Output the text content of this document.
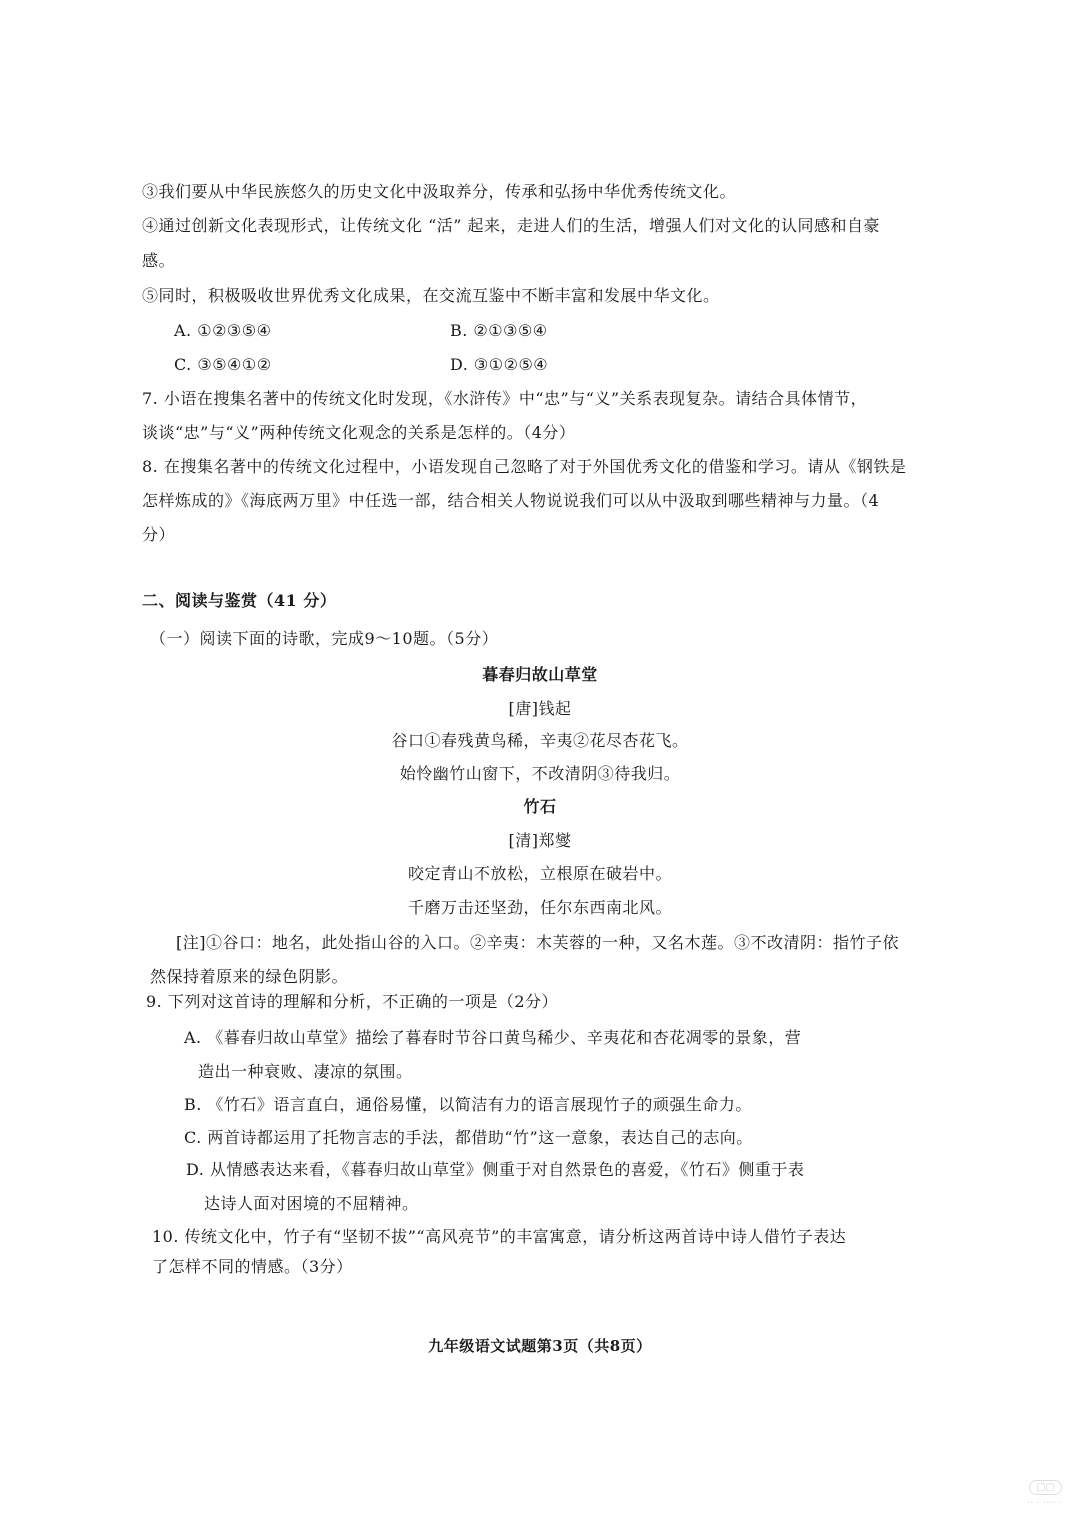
③我们要从中华民族悠久的历史文化中汲取养分，传承和弘扬中华优秀传统文化。
④通过创新文化表现形式，让传统文化 “活” 起来，走进人们的生活，增强人们对文化的认同感和自豪
感。
⑤同时，积极吸收世界优秀文化成果，在交流互鉴中不断丰富和发展中华文化。
A. ①②③⑤④	B. ②①③⑤④
C. ③⑤④①②	D. ③①②⑤④
7. 小语在搜集名著中的传统文化时发现，《水浒传》中“忠”与“义”关系表现复杂。请结合具体情节，
谈谈“忠”与“义”两种传统文化观念的关系是怎样的。（4分）
8. 在搜集名著中的传统文化过程中，小语发现自己忽略了对于外国优秀文化的借鉴和学习。请从《钢铁是
怎样炼成的》《海底两万里》中任选一部，结合相关人物说说我们可以从中汲取到哪些精神与力量。（4
分）
二、阅读与鉴赏（41 分）
（一）阅读下面的诗歌，完成9～10题。（5分）
暮春归故山草堂
[唐]钱起
谷口①春残黄鸟稀，辛夷②花尽杏花飞。
始怜幽竹山窗下，不改清阴③待我归。
竹石
[清]郑燮
咬定青山不放松，立根原在破岩中。
千磨万击还坚劲，任尔东西南北风。
[注]①谷口：地名，此处指山谷的入口。②辛夷：木芙蓉的一种，又名木莲。③不改清阴：指竹子依
然保持着原来的绿色阴影。
9. 下列对这首诗的理解和分析，不正确的一项是（2分）
A. 《暮春归故山草堂》描绘了暮春时节谷口黄鸟稀少、辛夷花和杏花凋零的景象，营
造出一种衰败、凄凉的氛围。
B. 《竹石》语言直白，通俗易懂，以简洁有力的语言展现竹子的顽强生命力。
C. 两首诗都运用了托物言志的手法，都借助“竹”这一意象，表达自己的志向。
D. 从情感表达来看，《暮春归故山草堂》侧重于对自然景色的喜爱，《竹石》侧重于表
达诗人面对困境的不屈精神。
10. 传统文化中，竹子有“坚韧不拔”“高风亮节”的丰富寓意，请分析这两首诗中诗人借竹子表达
了怎样不同的情感。（3分）
九年级语文试题第3页（共8页）
▢▢
·· · ···· ·
